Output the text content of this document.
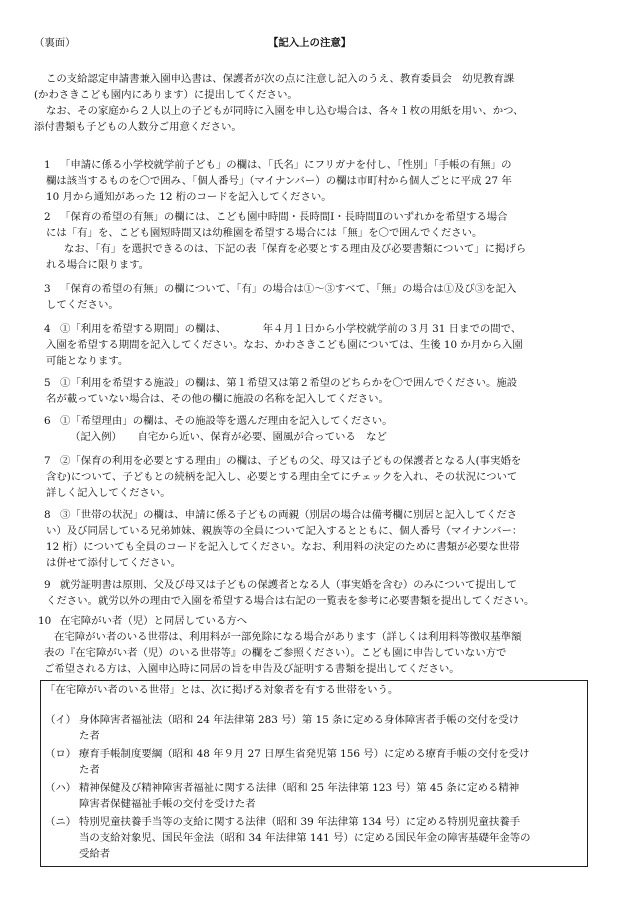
（裏面）	【記入上の注意】
この支給認定申請書兼入園申込書は、保護者が次の点に注意し記入のうえ、教育委員会　幼児教育課
(かわさきこども園内にあります）に提出してください。
なお、その家庭から２人以上の子どもが同時に入園を申し込む場合は、各々１枚の用紙を用い、かつ、
添付書類も子どもの人数分ご用意ください。
1 「申請に係る小学校就学前子ども」の欄は、「氏名」にフリガナを付し、「性別」「手帳の有無」の
欄は該当するものを〇で囲み、「個人番号」（マイナンバー）の欄は市町村から個人ごとに平成 27 年
10 月から通知があった 12 桁のコードを記入してください。
2 「保育の希望の有無」の欄には、こども園中時間・長時間Ⅰ・長時間Ⅱのいずれかを希望する場合
には「有」を、こども園短時間又は幼稚園を希望する場合には「無」を〇で囲んでください。
なお、「有」を選択できるのは、下記の表「保育を必要とする理由及び必要書類について」に掲げら
れる場合に限ります。
3 「保育の希望の有無」の欄について、「有」の場合は①～③すべて、「無」の場合は①及び③を記入
してください。
4 ①「利用を希望する期間」の欄は、　　　　年４月１日から小学校就学前の３月 31 日までの間で、
入園を希望する期間を記入してください。なお、かわさきこども園については、生後 10 か月から入園
可能となります。
5 ①「利用を希望する施設」の欄は、第１希望又は第２希望のどちらかを〇で囲んでください。施設
名が載っていない場合は、その他の欄に施設の名称を記入してください。
6 ①「希望理由」の欄は、その施設等を選んだ理由を記入してください。
（記入例）　　自宅から近い、保育が必要、園風が合っている　など
7 ②「保育の利用を必要とする理由」の欄は、子どもの父、母又は子どもの保護者となる人(事実婚を
含む)について、子どもとの続柄を記入し、必要とする理由全てにチェックを入れ、その状況について
詳しく記入してください。
8 ③「世帯の状況」の欄は、申請に係る子どもの両親（別居の場合は備考欄に別居と記入してくださ
い）及び同居している兄弟姉妹、親族等の全員について記入するとともに、個人番号（マイナンバー：
12 桁）についても全員のコードを記入してください。なお、利用料の決定のために書類が必要な世帯
は併せて添付してください。
9 就労証明書は原則、父及び母又は子どもの保護者となる人（事実婚を含む）のみについて提出して
ください。就労以外の理由で入園を希望する場合は右記の一覧表を参考に必要書類を提出してください。
10 在宅障がい者（児）と同居している方へ
在宅障がい者のいる世帯は、利用料が一部免除になる場合があります（詳しくは利用料等徴収基準額
表の『在宅障がい者（児）のいる世帯等』の欄をご参照ください）。こども園に申告していない方で
ご希望される方は、入園申込時に同居の旨を申告及び証明する書類を提出してください。
「在宅障がい者のいる世帯」とは、次に掲げる対象者を有する世帯をいう。
（イ） 身体障害者福祉法（昭和 24 年法律第 283 号）第 15 条に定める身体障害者手帳の交付を受け
た者
（ロ） 療育手帳制度要綱（昭和 48 年９月 27 日厚生省発児第 156 号）に定める療育手帳の交付を受け
た者
（ハ） 精神保健及び精神障害者福祉に関する法律（昭和 25 年法律第 123 号）第 45 条に定める精神
障害者保健福祉手帳の交付を受けた者
（ニ） 特別児童扶養手当等の支給に関する法律（昭和 39 年法律第 134 号）に定める特別児童扶養手
当の支給対象児、国民年金法（昭和 34 年法律第 141 号）に定める国民年金の障害基礎年金等の
受給者
